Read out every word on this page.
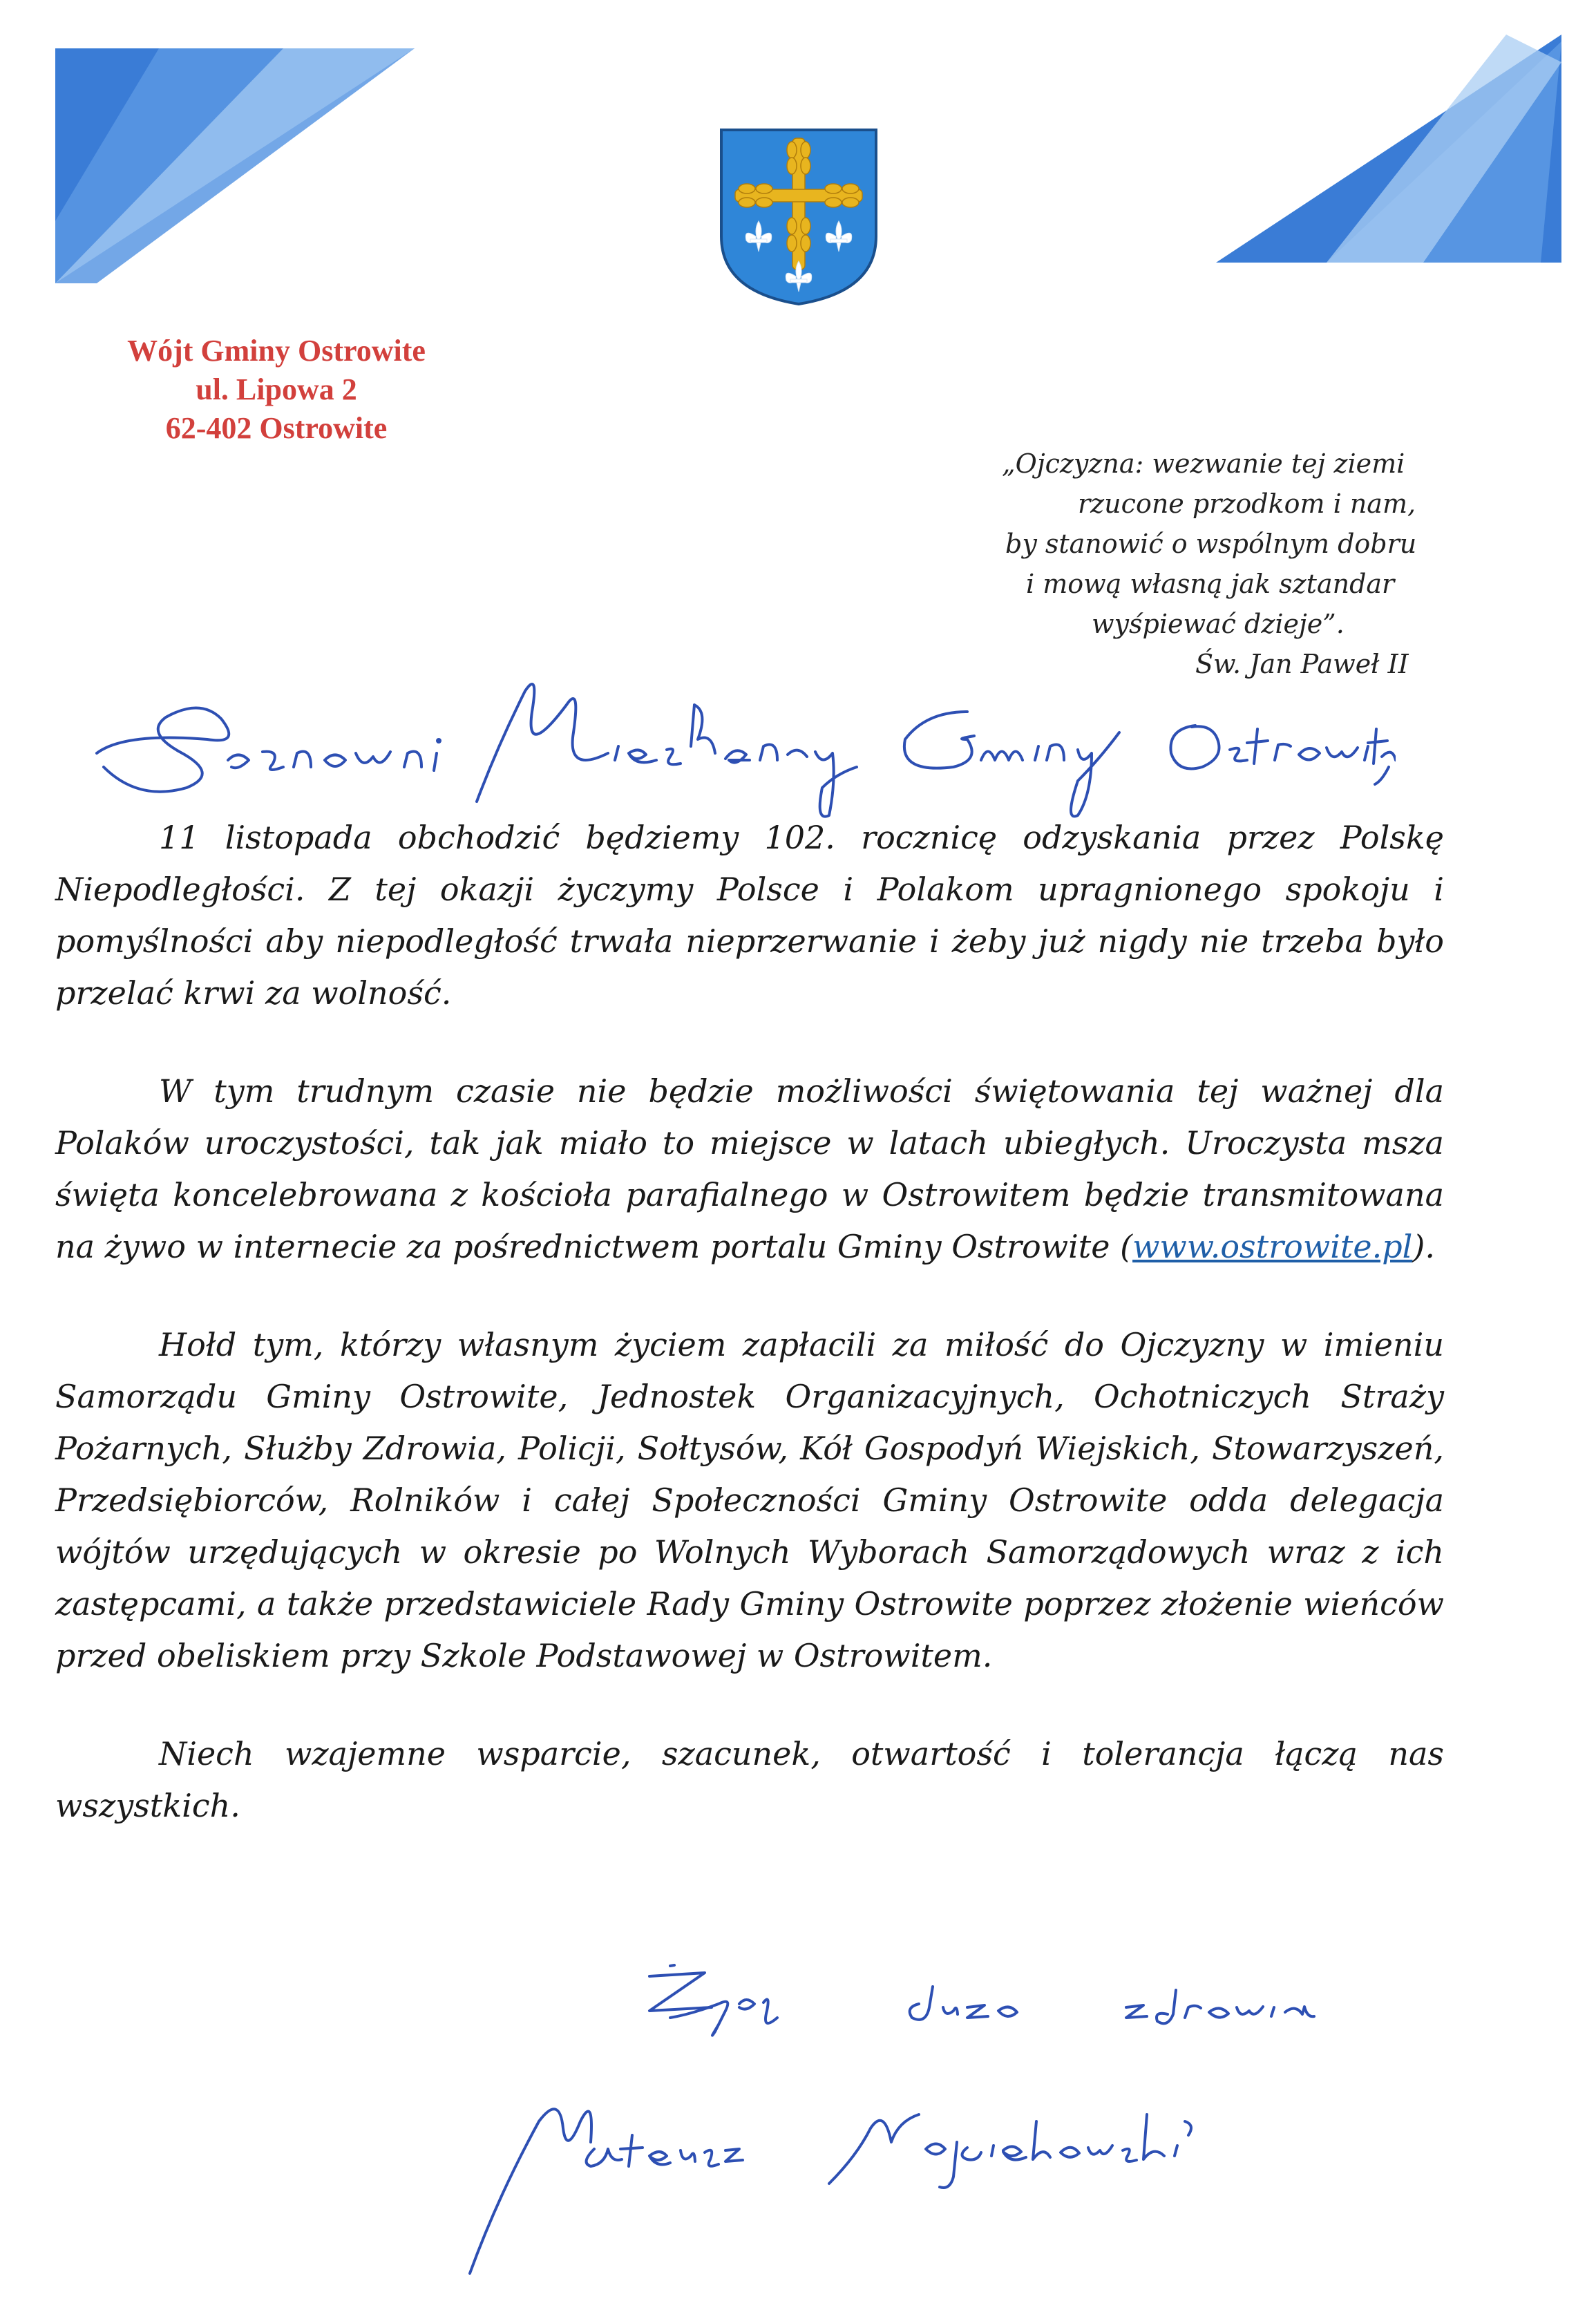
Wójt Gminy Ostrowite
ul. Lipowa 2
62-402 Ostrowite
„Ojczyzna: wezwanie tej ziemi
rzucone przodkom i nam,
by stanowić o wspólnym dobru
i mową własną jak sztandar
wyśpiewać dzieje”.
Św. Jan Paweł II

11 listopada obchodzić będziemy 102. rocznicę odzyskania przez Polskę Niepodległości. Z tej okazji życzymy Polsce i Polakom upragnionego spokoju i pomyślności aby niepodległość trwała nieprzerwanie i żeby już nigdy nie trzeba było przelać krwi za wolność.

W tym trudnym czasie nie będzie możliwości świętowania tej ważnej dla Polaków uroczystości, tak jak miało to miejsce w latach ubiegłych. Uroczysta msza święta koncelebrowana z kościoła parafialnego w Ostrowitem będzie transmitowana na żywo w internecie za pośrednictwem portalu Gminy Ostrowite (www.ostrowite.pl).

Hołd tym, którzy własnym życiem zapłacili za miłość do Ojczyzny w imieniu Samorządu Gminy Ostrowite, Jednostek Organizacyjnych, Ochotniczych Straży Pożarnych, Służby Zdrowia, Policji, Sołtysów, Kół Gospodyń Wiejskich, Stowarzyszeń, Przedsiębiorców, Rolników i całej Społeczności Gminy Ostrowite odda delegacja wójtów urzędujących w okresie po Wolnych Wyborach Samorządowych wraz z ich zastępcami, a także przedstawiciele Rady Gminy Ostrowite poprzez złożenie wieńców przed obeliskiem przy Szkole Podstawowej w Ostrowitem.

Niech wzajemne wsparcie, szacunek, otwartość i tolerancja łączą nas wszystkich.
